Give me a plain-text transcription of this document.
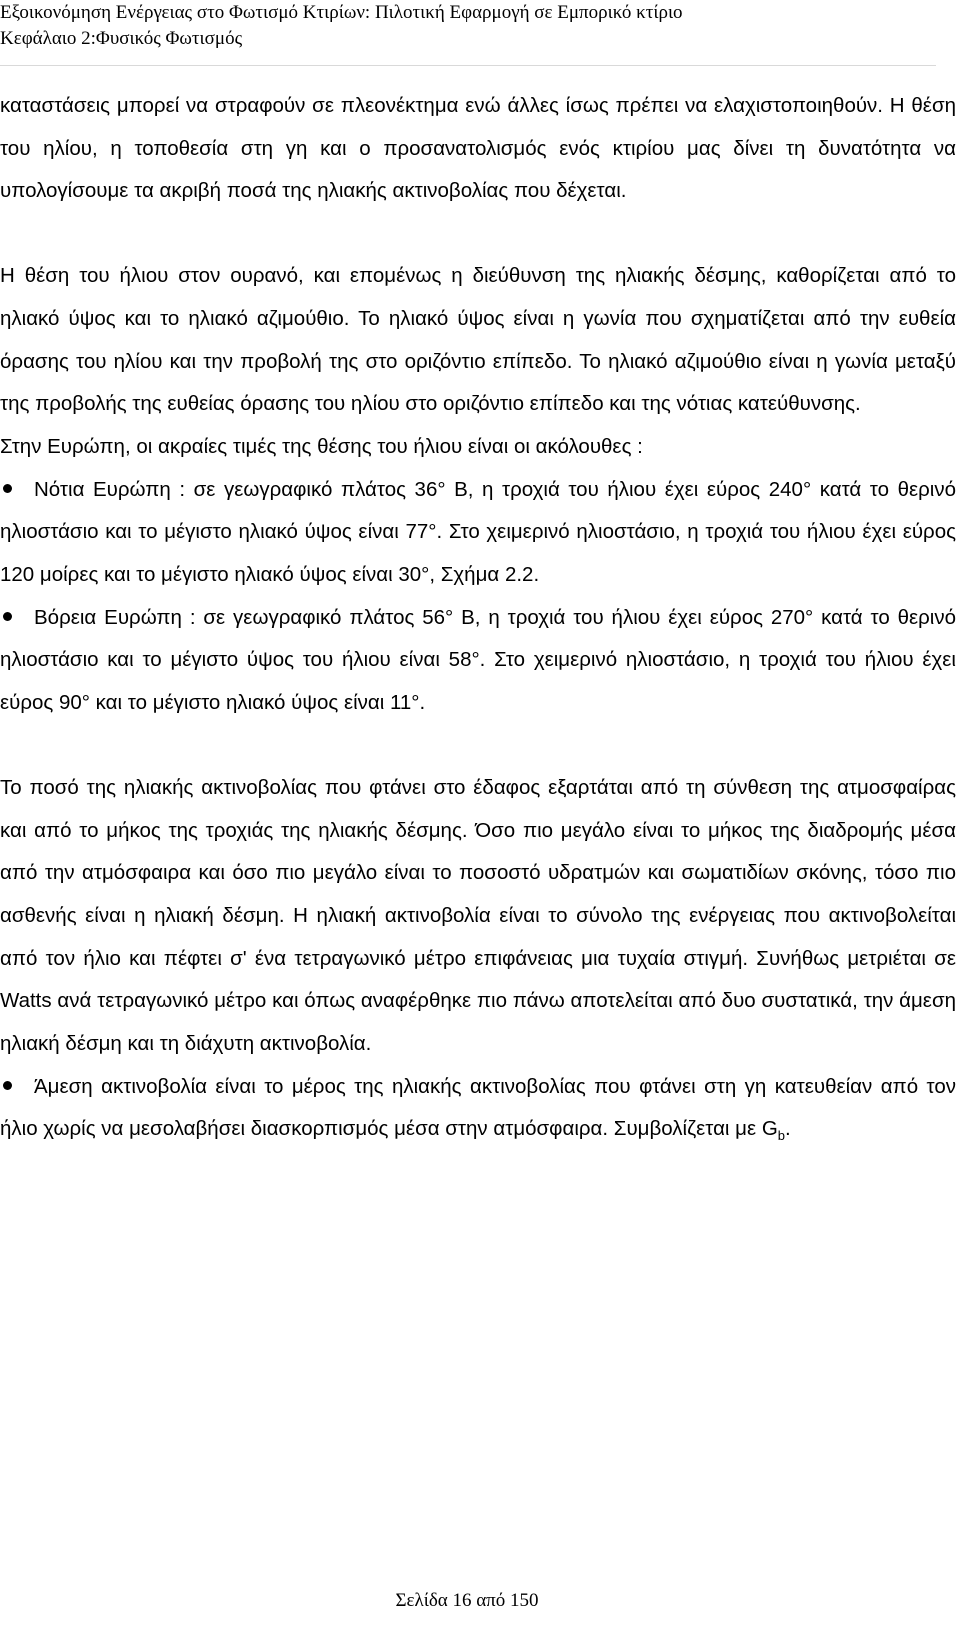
Εξοικονόμηση Ενέργειας στο Φωτισμό Κτιρίων: Πιλοτική Εφαρμογή σε Εμπορικό κτίριο
Κεφάλαιο 2:Φυσικός Φωτισμός

καταστάσεις μπορεί να στραφούν σε πλεονέκτημα ενώ άλλες ίσως πρέπει να ελαχιστοποιηθούν. Η θέση του ηλίου, η τοποθεσία στη γη και ο προσανατολισμός ενός κτιρίου μας δίνει τη δυνατότητα να υπολογίσουμε τα ακριβή ποσά της ηλιακής ακτινοβολίας που δέχεται.

Η θέση του ήλιου στον ουρανό, και επομένως η διεύθυνση της ηλιακής δέσμης, καθορίζεται από το ηλιακό ύψος και το ηλιακό αζιμούθιο. Το ηλιακό ύψος είναι η γωνία που σχηματίζεται από την ευθεία όρασης του ηλίου και την προβολή της στο οριζόντιο επίπεδο. Το ηλιακό αζιμούθιο είναι η γωνία μεταξύ της προβολής της ευθείας όρασης του ηλίου στο οριζόντιο επίπεδο και της νότιας κατεύθυνσης.

Στην Ευρώπη, οι ακραίες τιμές της θέσης του ήλιου είναι οι ακόλουθες :

Νότια Ευρώπη : σε γεωγραφικό πλάτος 36° Β, η τροχιά του ήλιου έχει εύρος 240° κατά το θερινό ηλιοστάσιο και το μέγιστο ηλιακό ύψος είναι 77°. Στο χειμερινό ηλιοστάσιο, η τροχιά του ήλιου έχει εύρος 120 μοίρες και το μέγιστο ηλιακό ύψος είναι 30°, Σχήμα 2.2.

Βόρεια Ευρώπη : σε γεωγραφικό πλάτος 56° Β, η τροχιά του ήλιου έχει εύρος 270° κατά το θερινό ηλιοστάσιο και το μέγιστο ύψος του ήλιου είναι 58°. Στο χειμερινό ηλιοστάσιο, η τροχιά του ήλιου έχει εύρος 90° και το μέγιστο ηλιακό ύψος είναι 11°.

Το ποσό της ηλιακής ακτινοβολίας που φτάνει στο έδαφος εξαρτάται από τη σύνθεση της ατμοσφαίρας και από το μήκος της τροχιάς της ηλιακής δέσμης. Όσο πιο μεγάλο είναι το μήκος της διαδρομής μέσα από την ατμόσφαιρα και όσο πιο μεγάλο είναι το ποσοστό υδρατμών και σωματιδίων σκόνης, τόσο πιο ασθενής είναι η ηλιακή δέσμη. Η ηλιακή ακτινοβολία είναι το σύνολο της ενέργειας που ακτινοβολείται από τον ήλιο και πέφτει σ' ένα τετραγωνικό μέτρο επιφάνειας μια τυχαία στιγμή. Συνήθως μετριέται σε Watts ανά τετραγωνικό μέτρο και όπως αναφέρθηκε πιο πάνω αποτελείται από δυο συστατικά, την άμεση ηλιακή δέσμη και τη διάχυτη ακτινοβολία.

Άμεση ακτινοβολία είναι το μέρος της ηλιακής ακτινοβολίας που φτάνει στη γη κατευθείαν από τον ήλιο χωρίς να μεσολαβήσει διασκορπισμός μέσα στην ατμόσφαιρα. Συμβολίζεται με $G_b$.

Σελίδα 16 από 150
